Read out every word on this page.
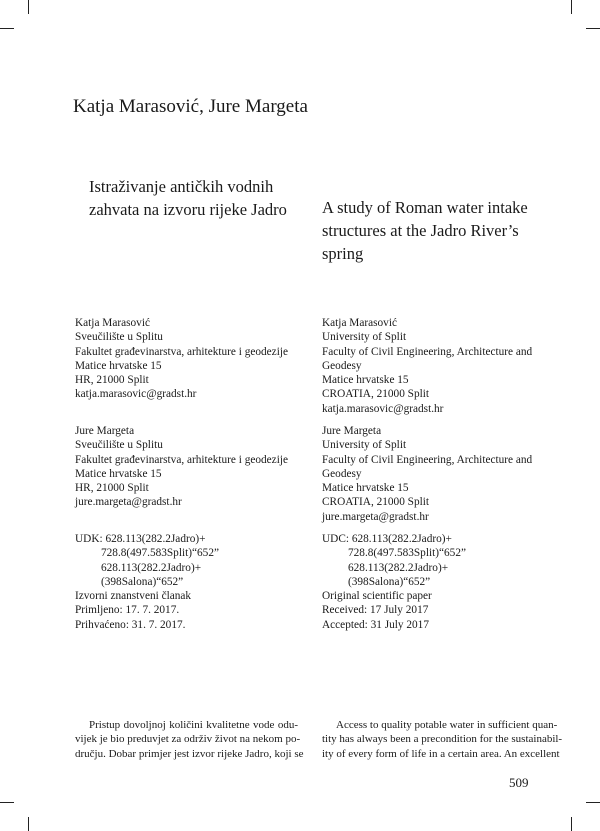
Katja Marasović, Jure Margeta
Istraživanje antičkih vodnih
zahvata na izvoru rijeke Jadro A study of Roman water intake
structures at the Jadro River’s
spring
Katja Marasović
Sveučilište u Splitu
Fakultet građevinarstva, arhitekture i geodezije
Matice hrvatske 15
HR, 21000 Split
katja.marasovic@gradst.hr
Katja Marasović
University of Split
Faculty of Civil Engineering, Architecture and
Geodesy
Matice hrvatske 15
CROATIA, 21000 Split
katja.marasovic@gradst.hr
Jure Margeta
Sveučilište u Splitu
Fakultet građevinarstva, arhitekture i geodezije
Matice hrvatske 15
HR, 21000 Split
jure.margeta@gradst.hr
Jure Margeta
University of Split
Faculty of Civil Engineering, Architecture and
Geodesy
Matice hrvatske 15
CROATIA, 21000 Split
jure.margeta@gradst.hr
UDK: 628.113(282.2Jadro)+
728.8(497.583Split)“652”
628.113(282.2Jadro)+
(398Salona)“652”
Izvorni znanstveni članak
Primljeno: 17. 7. 2017.
Prihvaćeno: 31. 7. 2017.
UDC: 628.113(282.2Jadro)+
728.8(497.583Split)“652”
628.113(282.2Jadro)+
(398Salona)“652”
Original scientific paper
Received: 17 July 2017
Accepted: 31 July 2017
Pristup dovoljnoj količini kvalitetne vode odu-
vijek je bio preduvjet za održiv život na nekom po-
dručju. Dobar primjer jest izvor rijeke Jadro, koji se
Access to quality potable water in sufficient quan-
tity has always been a precondition for the sustainabil-
ity of every form of life in a certain area. An excellent
509
